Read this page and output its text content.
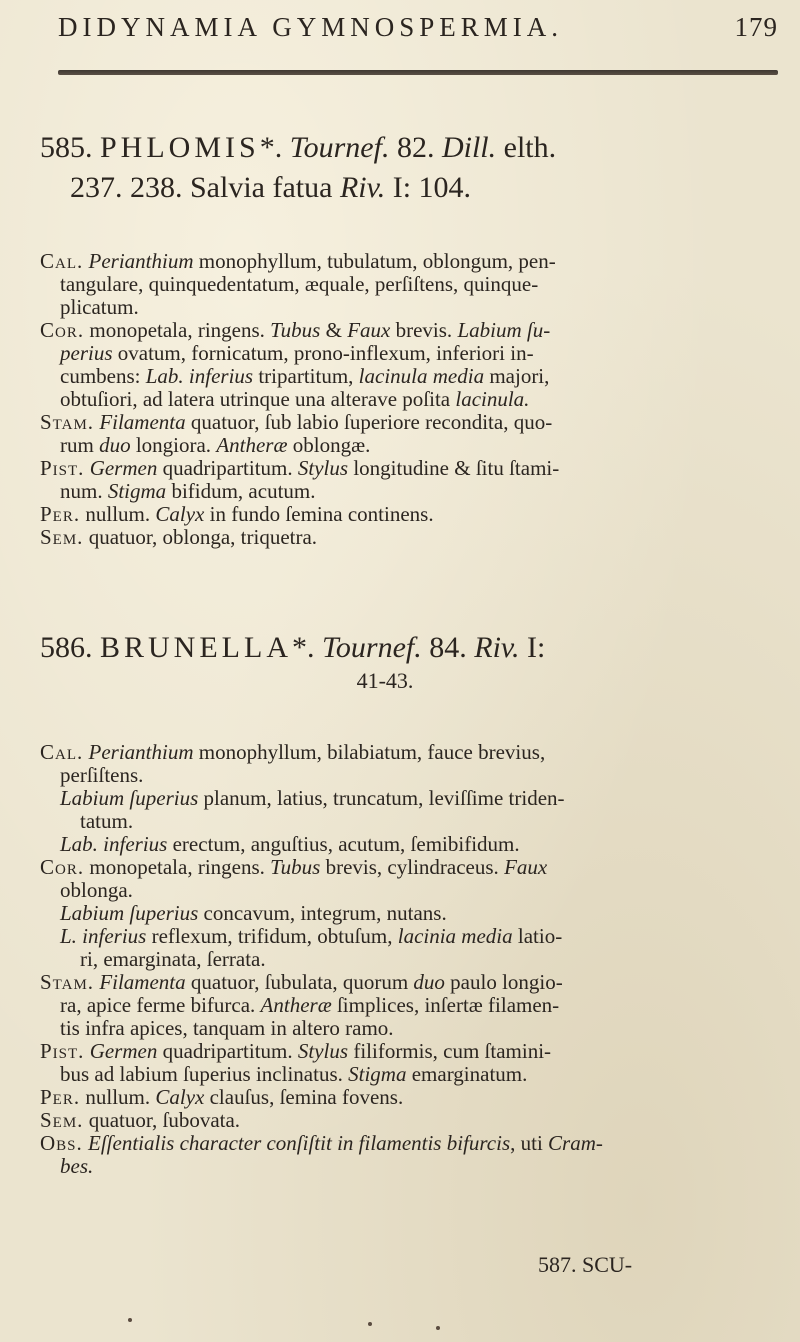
DIDYNAMIA GYMNOSPERMIA.	179
585. PHLOMIS*. Tournef. 82. Dill. elth.
237. 238. Salvia fatua Riv. I: 104.
Cal. Perianthium monophyllum, tubulatum, oblongum, pen-
tangulare, quinquedentatum, æquale, perſiſtens, quinque-
plicatum.
Cor. monopetala, ringens. Tubus & Faux brevis. Labium ſu-
perius ovatum, fornicatum, prono-inflexum, inferiori in-
cumbens: Lab. inferius tripartitum, lacinula media majori,
obtuſiori, ad latera utrinque una alterave poſita lacinula.
Stam. Filamenta quatuor, ſub labio ſuperiore recondita, quo-
rum duo longiora. Antheræ oblongæ.
Pist. Germen quadripartitum. Stylus longitudine & ſitu ſtami-
num. Stigma bifidum, acutum.
Per. nullum. Calyx in fundo ſemina continens.
Sem. quatuor, oblonga, triquetra.
586. BRUNELLA*. Tournef. 84. Riv. I:
41-43.
Cal. Perianthium monophyllum, bilabiatum, fauce brevius,
perſiſtens.
Labium ſuperius planum, latius, truncatum, leviſſime triden-
tatum.
Lab. inferius erectum, anguſtius, acutum, ſemibifidum.
Cor. monopetala, ringens. Tubus brevis, cylindraceus. Faux
oblonga.
Labium ſuperius concavum, integrum, nutans.
L. inferius reflexum, trifidum, obtuſum, lacinia media latio-
ri, emarginata, ſerrata.
Stam. Filamenta quatuor, ſubulata, quorum duo paulo longio-
ra, apice ferme bifurca. Antheræ ſimplices, inſertæ filamen-
tis infra apices, tanquam in altero ramo.
Pist. Germen quadripartitum. Stylus filiformis, cum ſtamini-
bus ad labium ſuperius inclinatus. Stigma emarginatum.
Per. nullum. Calyx clauſus, ſemina fovens.
Sem. quatuor, ſubovata.
Obs. Eſſentialis character conſiſtit in filamentis bifurcis, uti Cram-
bes.
587. SCU-
